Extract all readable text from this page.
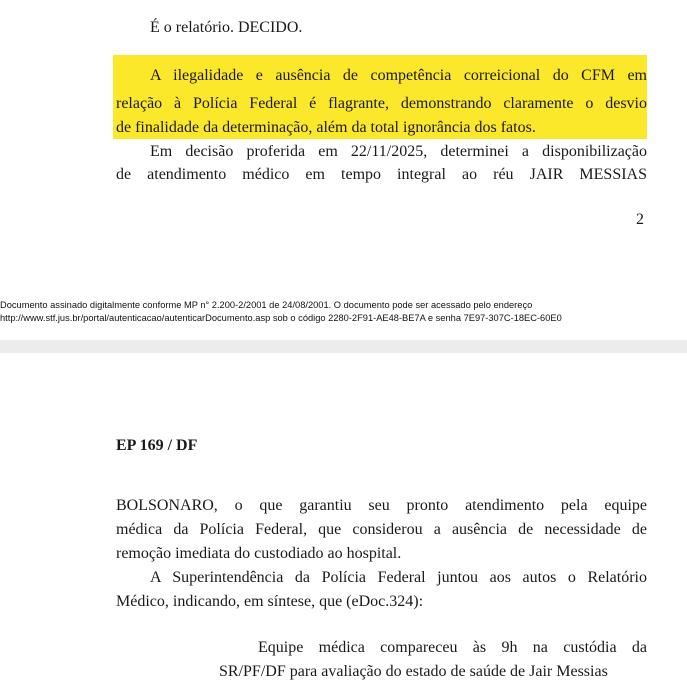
É o relatório. DECIDO.
A ilegalidade e ausência de competência correicional do CFM em
relação à Polícia Federal é flagrante, demonstrando claramente o desvio
de finalidade da determinação, além da total ignorância dos fatos.
Em decisão proferida em 22/11/2025, determinei a disponibilização
de atendimento médico em tempo integral ao réu JAIR MESSIAS
2
Documento assinado digitalmente conforme MP n° 2.200-2/2001 de 24/08/2001. O documento pode ser acessado pelo endereço
http://www.stf.jus.br/portal/autenticacao/autenticarDocumento.asp sob o código 2280-2F91-AE48-BE7A e senha 7E97-307C-18EC-60E0
EP 169 / DF
BOLSONARO, o que garantiu seu pronto atendimento pela equipe
médica da Polícia Federal, que considerou a ausência de necessidade de
remoção imediata do custodiado ao hospital.
A Superintendência da Polícia Federal juntou aos autos o Relatório
Médico, indicando, em síntese, que (eDoc.324):
Equipe médica compareceu às 9h na custódia da
SR/PF/DF para avaliação do estado de saúde de Jair Messias
